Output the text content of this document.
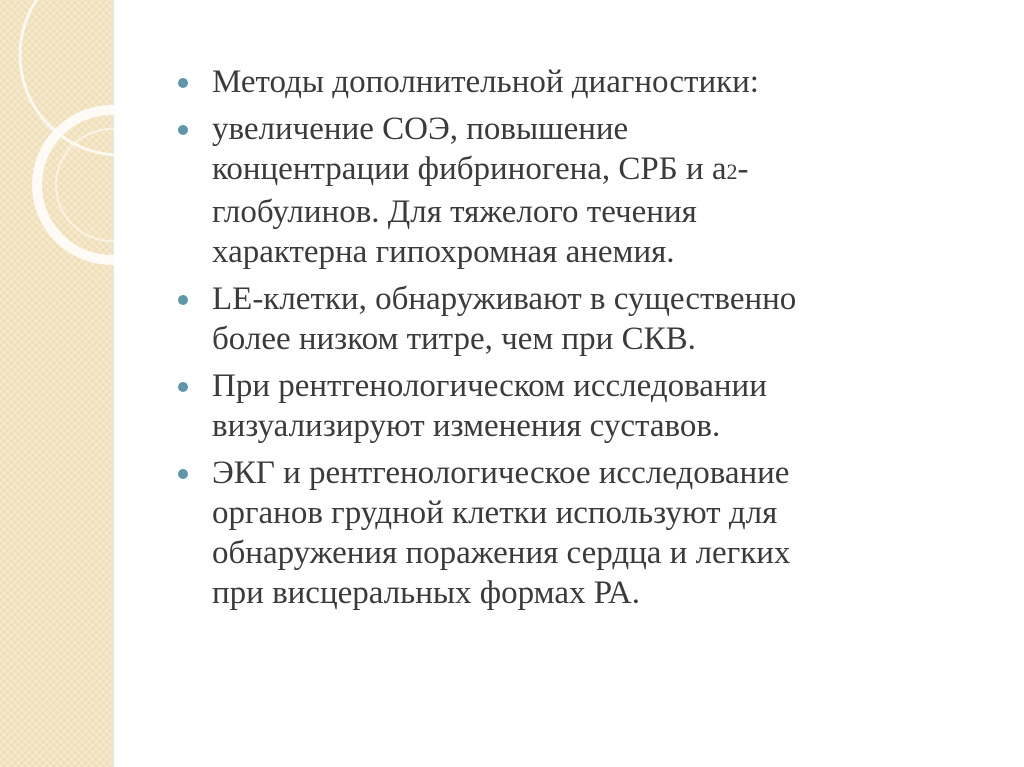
Методы дополнительной диагностики:
увеличение СОЭ, повышение
концентрации фибриногена, СРБ и а2-
глобулинов. Для тяжелого течения
характерна гипохромная анемия.
LE-клетки, обнаруживают в существенно
более низком титре, чем при СКВ.
При рентгенологическом исследовании
визуализируют изменения суставов.
ЭКГ и рентгенологическое исследование
органов грудной клетки используют для
обнаружения поражения сердца и легких
при висцеральных формах РА.
